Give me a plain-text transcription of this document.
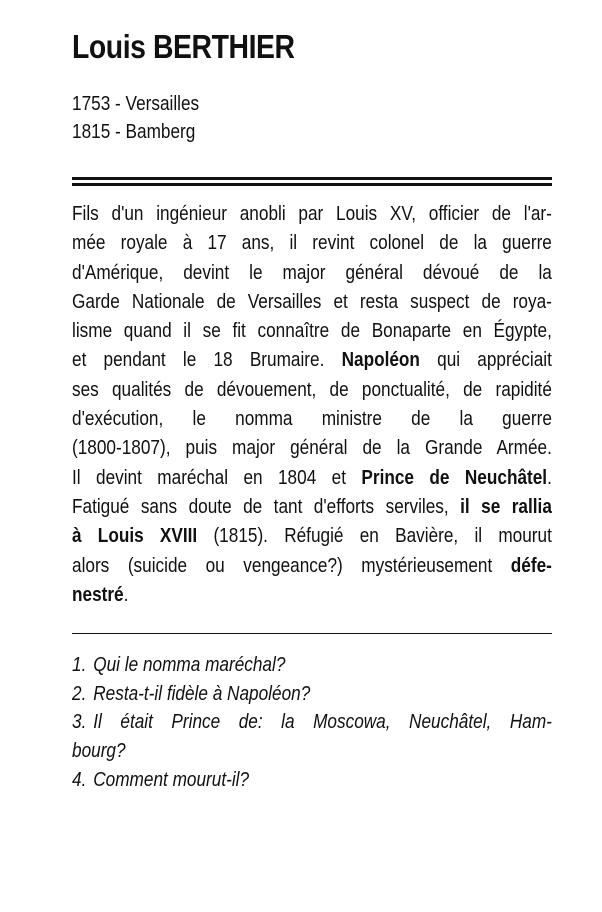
Louis BERTHIER
1753 - Versailles
1815 - Bamberg
Fils d'un ingénieur anobli par Louis XV, officier de l'ar-
mée royale à 17 ans, il revint colonel de la guerre
d'Amérique, devint le major général dévoué de la
Garde Nationale de Versailles et resta suspect de roya-
lisme quand il se fit connaître de Bonaparte en Égypte,
et pendant le 18 Brumaire. Napoléon qui appréciait
ses qualités de dévouement, de ponctualité, de rapidité
d'exécution, le nomma ministre de la guerre
(1800-1807), puis major général de la Grande Armée.
Il devint maréchal en 1804 et Prince de Neuchâtel.
Fatigué sans doute de tant d'efforts serviles, il se rallia
à Louis XVIII (1815). Réfugié en Bavière, il mourut
alors (suicide ou vengeance?) mystérieusement défe-
nestré.
1. Qui le nomma maréchal?
2. Resta-t-il fidèle à Napoléon?
3. Il était Prince de: la Moscowa, Neuchâtel, Ham-
bourg?
4. Comment mourut-il?
